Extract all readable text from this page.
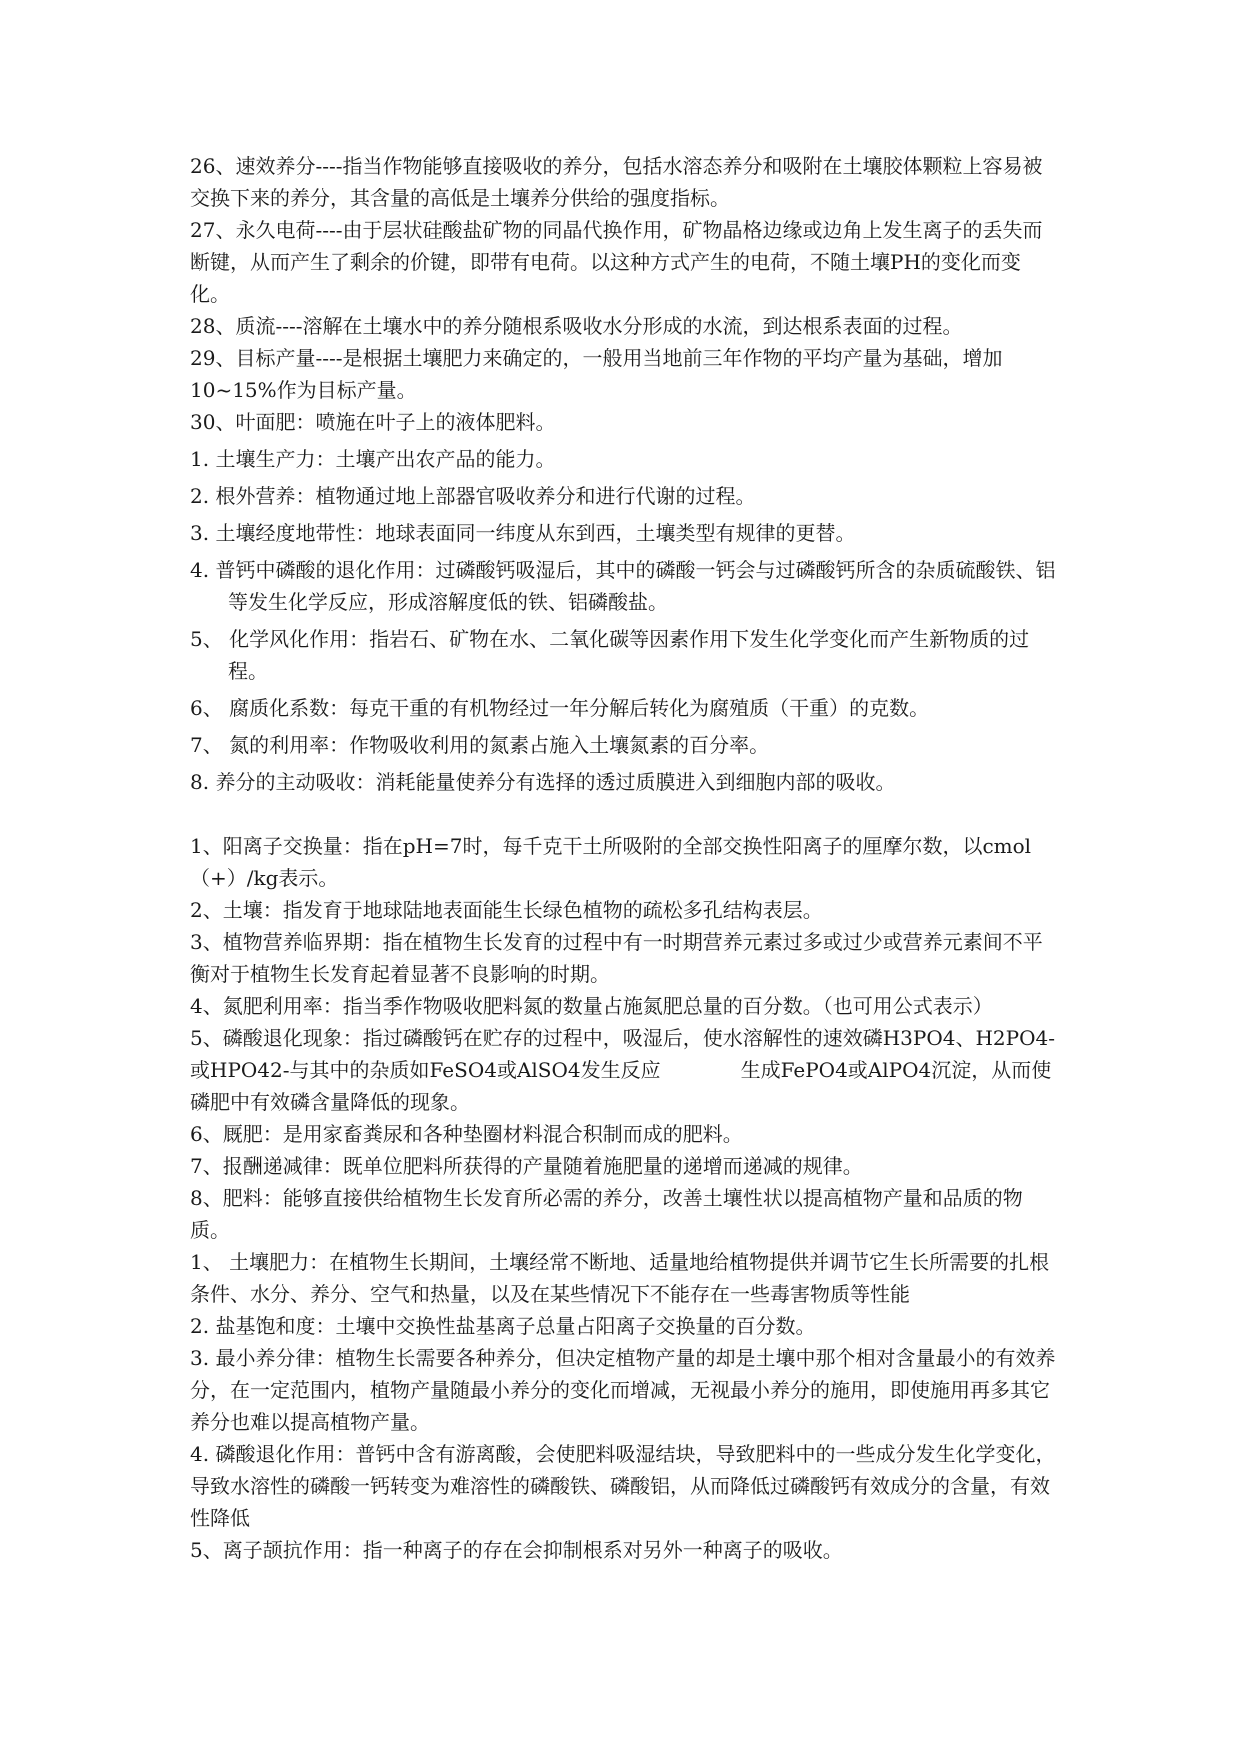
26、速效养分----指当作物能够直接吸收的养分，包括水溶态养分和吸附在土壤胶体颗粒上容易被交换下来的养分，其含量的高低是土壤养分供给的强度指标。

27、永久电荷----由于层状硅酸盐矿物的同晶代换作用，矿物晶格边缘或边角上发生离子的丢失而断键，从而产生了剩余的价键，即带有电荷。以这种方式产生的电荷，不随土壤PH的变化而变化。

28、质流----溶解在土壤水中的养分随根系吸收水分形成的水流，到达根系表面的过程。

29、目标产量----是根据土壤肥力来确定的，一般用当地前三年作物的平均产量为基础，增加10~15%作为目标产量。

30、叶面肥：喷施在叶子上的液体肥料。

1. 土壤生产力：土壤产出农产品的能力。

2. 根外营养：植物通过地上部器官吸收养分和进行代谢的过程。

3. 土壤经度地带性：地球表面同一纬度从东到西，土壤类型有规律的更替。

4. 普钙中磷酸的退化作用：过磷酸钙吸湿后，其中的磷酸一钙会与过磷酸钙所含的杂质硫酸铁、铝等发生化学反应，形成溶解度低的铁、铝磷酸盐。

5、 化学风化作用：指岩石、矿物在水、二氧化碳等因素作用下发生化学变化而产生新物质的过程。

6、 腐质化系数：每克干重的有机物经过一年分解后转化为腐殖质（干重）的克数。

7、 氮的利用率：作物吸收利用的氮素占施入土壤氮素的百分率。

8. 养分的主动吸收：消耗能量使养分有选择的透过质膜进入到细胞内部的吸收。

1、阳离子交换量：指在pH=7时，每千克干土所吸附的全部交换性阳离子的厘摩尔数，以cmol（+）/kg表示。

2、土壤：指发育于地球陆地表面能生长绿色植物的疏松多孔结构表层。

3、植物营养临界期：指在植物生长发育的过程中有一时期营养元素过多或过少或营养元素间不平衡对于植物生长发育起着显著不良影响的时期。

4、氮肥利用率：指当季作物吸收肥料氮的数量占施氮肥总量的百分数。（也可用公式表示）

5、磷酸退化现象：指过磷酸钙在贮存的过程中，吸湿后，使水溶解性的速效磷H3PO4、H2PO4-或HPO42-与其中的杂质如FeSO4或AlSO4发生反应　　　　生成FePO4或AlPO4沉淀，从而使磷肥中有效磷含量降低的现象。

6、厩肥：是用家畜粪尿和各种垫圈材料混合积制而成的肥料。

7、报酬递减律：既单位肥料所获得的产量随着施肥量的递增而递减的规律。

8、肥料：能够直接供给植物生长发育所必需的养分，改善土壤性状以提高植物产量和品质的物质。

1、 土壤肥力：在植物生长期间，土壤经常不断地、适量地给植物提供并调节它生长所需要的扎根条件、水分、养分、空气和热量，以及在某些情况下不能存在一些毒害物质等性能

2. 盐基饱和度：土壤中交换性盐基离子总量占阳离子交换量的百分数。

3. 最小养分律：植物生长需要各种养分，但决定植物产量的却是土壤中那个相对含量最小的有效养分，在一定范围内，植物产量随最小养分的变化而增减，无视最小养分的施用，即使施用再多其它养分也难以提高植物产量。

4. 磷酸退化作用：普钙中含有游离酸，会使肥料吸湿结块，导致肥料中的一些成分发生化学变化，导致水溶性的磷酸一钙转变为难溶性的磷酸铁、磷酸铝，从而降低过磷酸钙有效成分的含量，有效性降低

5、离子颉抗作用：指一种离子的存在会抑制根系对另外一种离子的吸收。
